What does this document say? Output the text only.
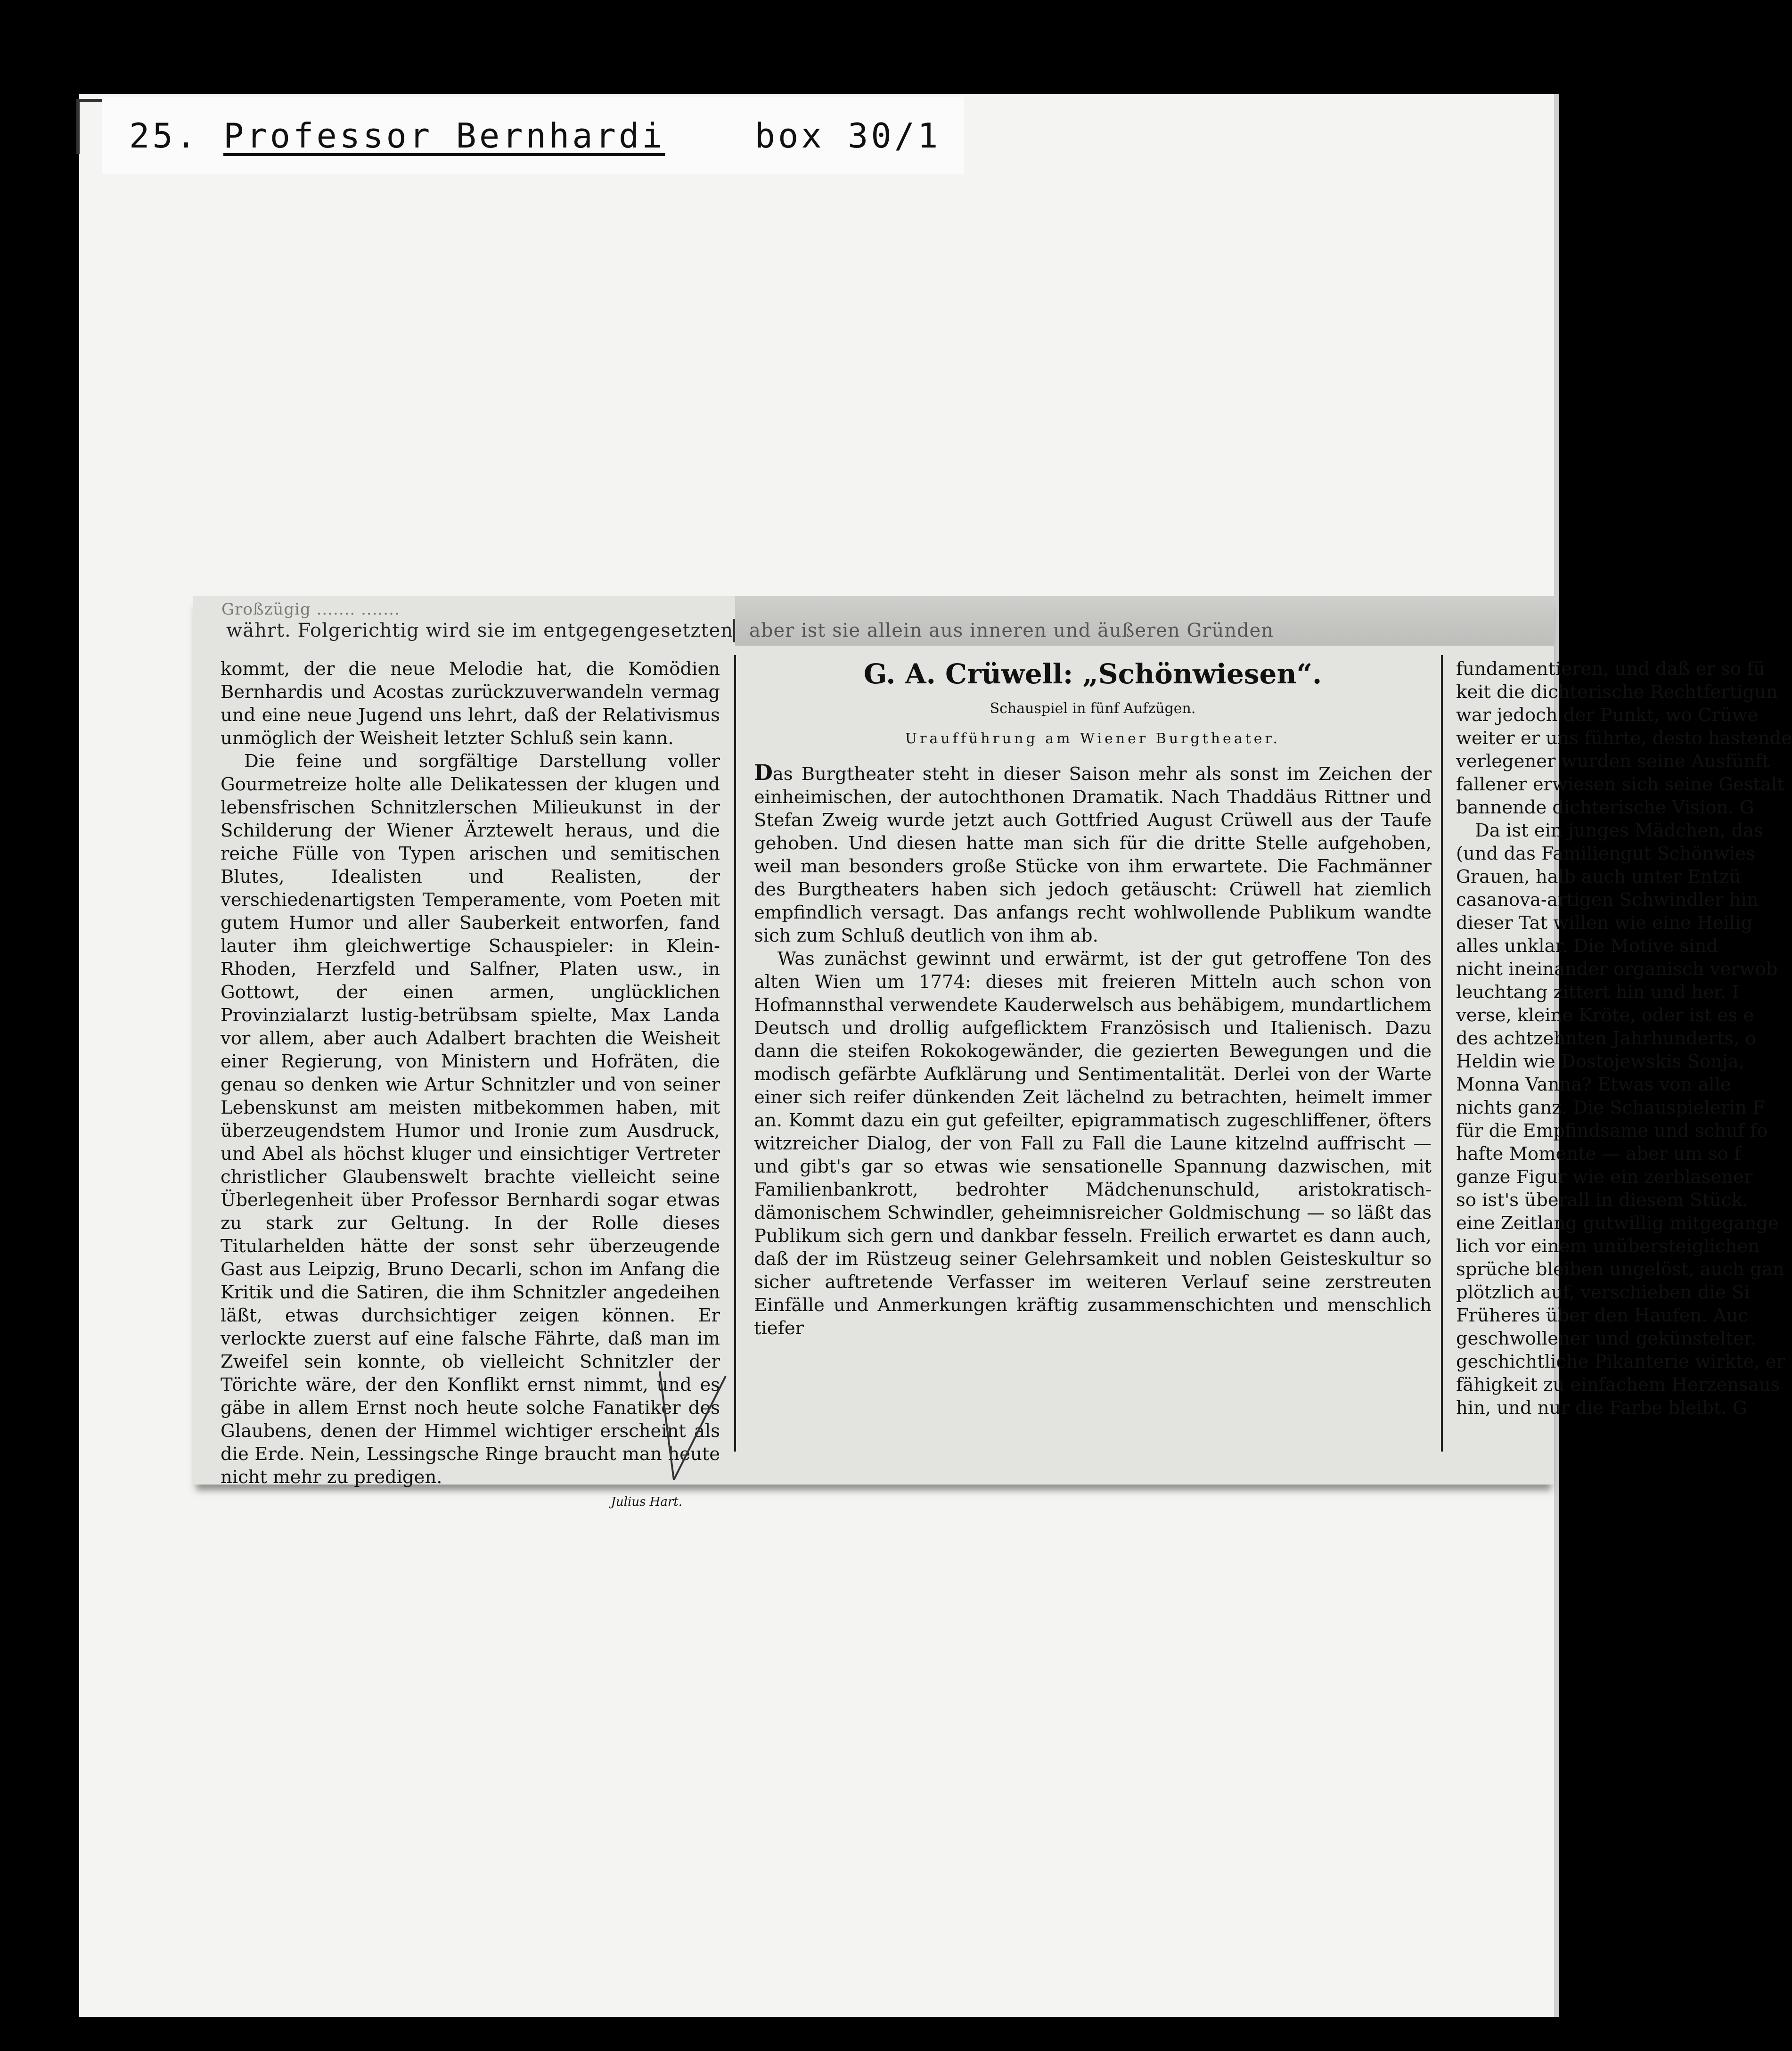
25. Professor Bernhardi	box 30/1
Großzügig ....... .......
währt. Folgerichtig wird sie im entgegengesetzten aber ist sie allein aus inneren und äußeren Gründen

kommt, der die neue Melodie hat, die Komödien Bernhardis und Acostas zurückzuverwandeln vermag und eine neue Jugend uns lehrt, daß der Relativismus unmöglich der Weisheit letzter Schluß sein kann.

Die feine und sorgfältige Darstellung voller Gourmetreize holte alle Delikatessen der klugen und lebensfrischen Schnitzlerschen Milieukunst in der Schilderung der Wiener Ärztewelt heraus, und die reiche Fülle von Typen arischen und semitischen Blutes, Idealisten und Realisten, der verschiedenartigsten Temperamente, vom Poeten mit gutem Humor und aller Sauberkeit entworfen, fand lauter ihm gleichwertige Schauspieler: in Klein-Rhoden, Herzfeld und Salfner, Platen usw., in Gottowt, der einen armen, unglücklichen Provinzialarzt lustig-betrübsam spielte, Max Landa vor allem, aber auch Adalbert brachten die Weisheit einer Regierung, von Ministern und Hofräten, die genau so denken wie Artur Schnitzler und von seiner Lebenskunst am meisten mitbekommen haben, mit überzeugendstem Humor und Ironie zum Ausdruck, und Abel als höchst kluger und einsichtiger Vertreter christlicher Glaubenswelt brachte vielleicht seine Überlegenheit über Professor Bernhardi sogar etwas zu stark zur Geltung. In der Rolle dieses Titularhelden hätte der sonst sehr überzeugende Gast aus Leipzig, Bruno Decarli, schon im Anfang die Kritik und die Satiren, die ihm Schnitzler angedeihen läßt, etwas durchsichtiger zeigen können. Er verlockte zuerst auf eine falsche Fährte, daß man im Zweifel sein konnte, ob vielleicht Schnitzler der Törichte wäre, der den Konflikt ernst nimmt, und es gäbe in allem Ernst noch heute solche Fanatiker des Glaubens, denen der Himmel wichtiger erscheint als die Erde. Nein, Lessingsche Ringe braucht man heute nicht mehr zu predigen.

Julius Hart.
G. A. Crüwell: „Schönwiesen“.
Schauspiel in fünf Aufzügen.
Uraufführung am Wiener Burgtheater.

Das Burgtheater steht in dieser Saison mehr als sonst im Zeichen der einheimischen, der autochthonen Dramatik. Nach Thaddäus Rittner und Stefan Zweig wurde jetzt auch Gottfried August Crüwell aus der Taufe gehoben. Und diesen hatte man sich für die dritte Stelle aufgehoben, weil man besonders große Stücke von ihm erwartete. Die Fachmänner des Burgtheaters haben sich jedoch getäuscht: Crüwell hat ziemlich empfindlich versagt. Das anfangs recht wohlwollende Publikum wandte sich zum Schluß deutlich von ihm ab.

Was zunächst gewinnt und erwärmt, ist der gut getroffene Ton des alten Wien um 1774: dieses mit freieren Mitteln auch schon von Hofmannsthal verwendete Kauderwelsch aus behäbigem, mundartlichem Deutsch und drollig aufgeflicktem Französisch und Italienisch. Dazu dann die steifen Rokokogewänder, die gezierten Bewegungen und die modisch gefärbte Aufklärung und Sentimentalität. Derlei von der Warte einer sich reifer dünkenden Zeit lächelnd zu betrachten, heimelt immer an. Kommt dazu ein gut gefeilter, epigrammatisch zugeschliffener, öfters witzreicher Dialog, der von Fall zu Fall die Laune kitzelnd auffrischt — und gibt's gar so etwas wie sensationelle Spannung dazwischen, mit Familienbankrott, bedrohter Mädchenunschuld, aristokratisch-dämonischem Schwindler, geheimnisreicher Goldmischung — so läßt das Publikum sich gern und dankbar fesseln. Freilich erwartet es dann auch, daß der im Rüstzeug seiner Gelehrsamkeit und noblen Geisteskultur so sicher auftretende Verfasser im weiteren Verlauf seine zerstreuten Einfälle und Anmerkungen kräftig zusammenschichten und menschlich tiefer

fundamentieren, und daß er so fü

keit die dichterische Rechtfertigun

war jedoch der Punkt, wo Crüwe

weiter er uns führte, desto hastende

verlegener wurden seine Ausfünft

fallener erwiesen sich seine Gestalt

bannende dichterische Vision. G

Da ist ein junges Mädchen, das

(und das Familiengut Schönwies

Grauen, halb auch unter Entzü

casanova-artigen Schwindler hin

dieser Tat willen wie eine Heilig

alles unklar. Die Motive sind

nicht ineinander organisch verwob

leuchtang zittert hin und her. I

verse, kleine Kröte, oder ist es e

des achtzehnten Jahrhunderts, o

Heldin wie Dostojewskis Sonja,

Monna Vanna? Etwas von alle

nichts ganz. Die Schauspielerin F

für die Empfindsame und schuf fo

hafte Momente — aber um so f

ganze Figur wie ein zerblasener

so ist's überall in diesem Stück.

eine Zeitlang gutwillig mitgegange

lich vor einem unübersteiglichen

sprüche bleiben ungelöst, auch gan

plötzlich auf, verschieben die Si

Früheres über den Haufen. Auc

geschwollener und gekünstelter.

geschichtliche Pikanterie wirkte, er

fähigkeit zu einfachem Herzensaus

hin, und nur die Farbe bleibt. G
